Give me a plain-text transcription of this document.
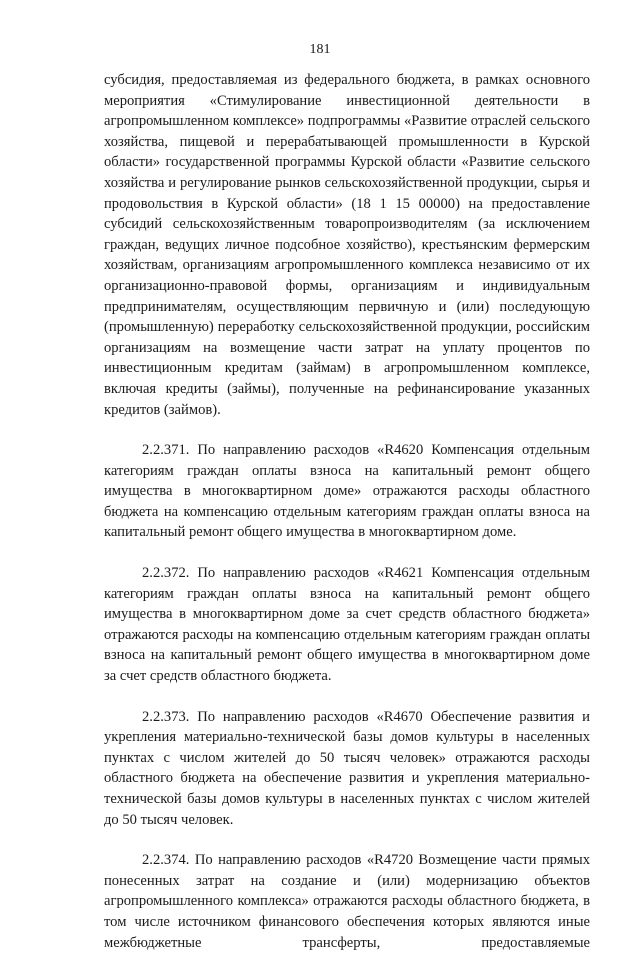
181

субсидия, предоставляемая из федерального бюджета, в рамках основного мероприятия «Стимулирование инвестиционной деятельности в агропромышленном комплексе» подпрограммы «Развитие отраслей сельского хозяйства, пищевой и перерабатывающей промышленности в Курской области» государственной программы Курской области «Развитие сельского хозяйства и регулирование рынков сельскохозяйственной продукции, сырья и продовольствия в Курской области» (18 1 15 00000) на предоставление субсидий сельскохозяйственным товаропроизводителям (за исключением граждан, ведущих личное подсобное хозяйство), крестьянским фермерским хозяйствам, организациям агропромышленного комплекса независимо от их организационно-правовой формы, организациям и индивидуальным предпринимателям, осуществляющим первичную и (или) последующую (промышленную) переработку сельскохозяйственной продукции, российским организациям на возмещение части затрат на уплату процентов по инвестиционным кредитам (займам) в агропромышленном комплексе, включая кредиты (займы), полученные на рефинансирование указанных кредитов (займов).

2.2.371. По направлению расходов «R4620 Компенсация отдельным категориям граждан оплаты взноса на капитальный ремонт общего имущества в многоквартирном доме» отражаются расходы областного бюджета на компенсацию отдельным категориям граждан оплаты взноса на капитальный ремонт общего имущества в многоквартирном доме.

2.2.372. По направлению расходов «R4621 Компенсация отдельным категориям граждан оплаты взноса на капитальный ремонт общего имущества в многоквартирном доме за счет средств областного бюджета» отражаются расходы на компенсацию отдельным категориям граждан оплаты взноса на капитальный ремонт общего имущества в многоквартирном доме за счет средств областного бюджета.

2.2.373. По направлению расходов «R4670 Обеспечение развития и укрепления материально-технической базы домов культуры в населенных пунктах с числом жителей до 50 тысяч человек» отражаются расходы областного бюджета на обеспечение развития и укрепления материально-технической базы домов культуры в населенных пунктах с числом жителей до 50 тысяч человек.

2.2.374. По направлению расходов «R4720 Возмещение части прямых понесенных затрат на создание и (или) модернизацию объектов агропромышленного комплекса» отражаются расходы областного бюджета, в том числе источником финансового обеспечения которых являются иные межбюджетные трансферты, предоставляемые
